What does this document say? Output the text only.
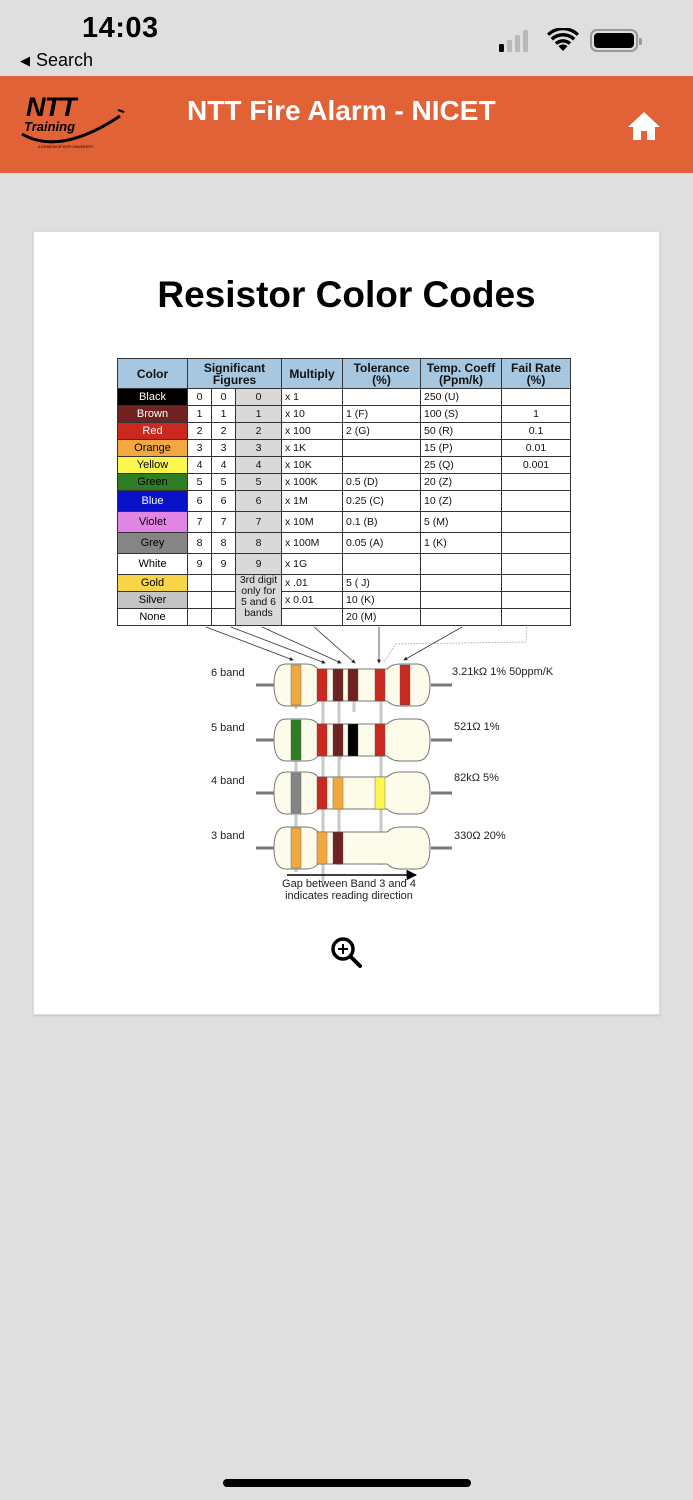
14:03
◀ Search
NTT
Training
A DIVISION OF ECPI UNIVERSITY
NTT Fire Alarm - NICET
Resistor Color Codes
Color	Significant Figures			Multiply	Tolerance (%)	Temp. Coeff (Ppm/k)	Fail Rate (%)
Black	0	0	0	x 1		250 (U)	
Brown	1	1	1	x 10	1 (F)	100 (S)	1
Red	2	2	2	x 100	2 (G)	50 (R)	0.1
Orange	3	3	3	x 1K		15 (P)	0.01
Yellow	4	4	4	x 10K		25 (Q)	0.001
Green	5	5	5	x 100K	0.5 (D)	20 (Z)	
Blue	6	6	6	x 1M	0.25 (C)	10 (Z)	
Violet	7	7	7	x 10M	0.1 (B)	5 (M)	
Grey	8	8	8	x 100M	0.05 (A)	1 (K)	
White	9	9	9	x 1G			
Gold			3rd digit only for 5 and 6 bands	x .01	5 ( J)		
Silver				x 0.01	10 (K)		
None					20 (M)		
6 band
5 band
4 band
3 band
3.21kΩ 1% 50ppm/K
521Ω 1%
82kΩ 5%
330Ω 20%
Gap between Band 3 and 4
indicates reading direction
